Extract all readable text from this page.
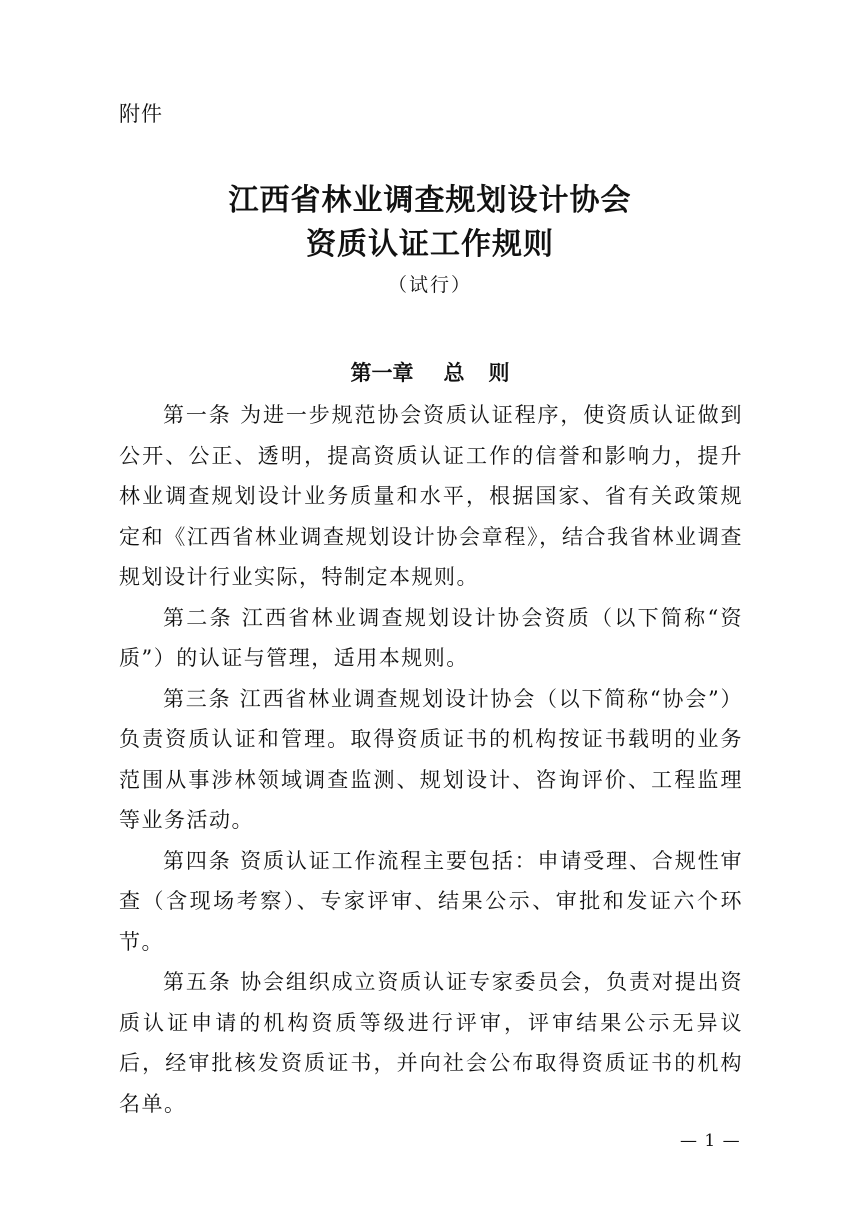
附件
江西省林业调查规划设计协会
资质认证工作规则
（试行）
第一章 总 则

第一条 为进一步规范协会资质认证程序，使资质认证做到公开、公正、透明，提高资质认证工作的信誉和影响力，提升林业调查规划设计业务质量和水平，根据国家、省有关政策规定和《江西省林业调查规划设计协会章程》，结合我省林业调查规划设计行业实际，特制定本规则。

第二条 江西省林业调查规划设计协会资质（以下简称“资质”）的认证与管理，适用本规则。

第三条 江西省林业调查规划设计协会（以下简称“协会”）负责资质认证和管理。取得资质证书的机构按证书载明的业务范围从事涉林领域调查监测、规划设计、咨询评价、工程监理等业务活动。

第四条 资质认证工作流程主要包括：申请受理、合规性审查（含现场考察）、专家评审、结果公示、审批和发证六个环节。

第五条 协会组织成立资质认证专家委员会，负责对提出资质认证申请的机构资质等级进行评审，评审结果公示无异议后，经审批核发资质证书，并向社会公布取得资质证书的机构名单。

— 1 —
